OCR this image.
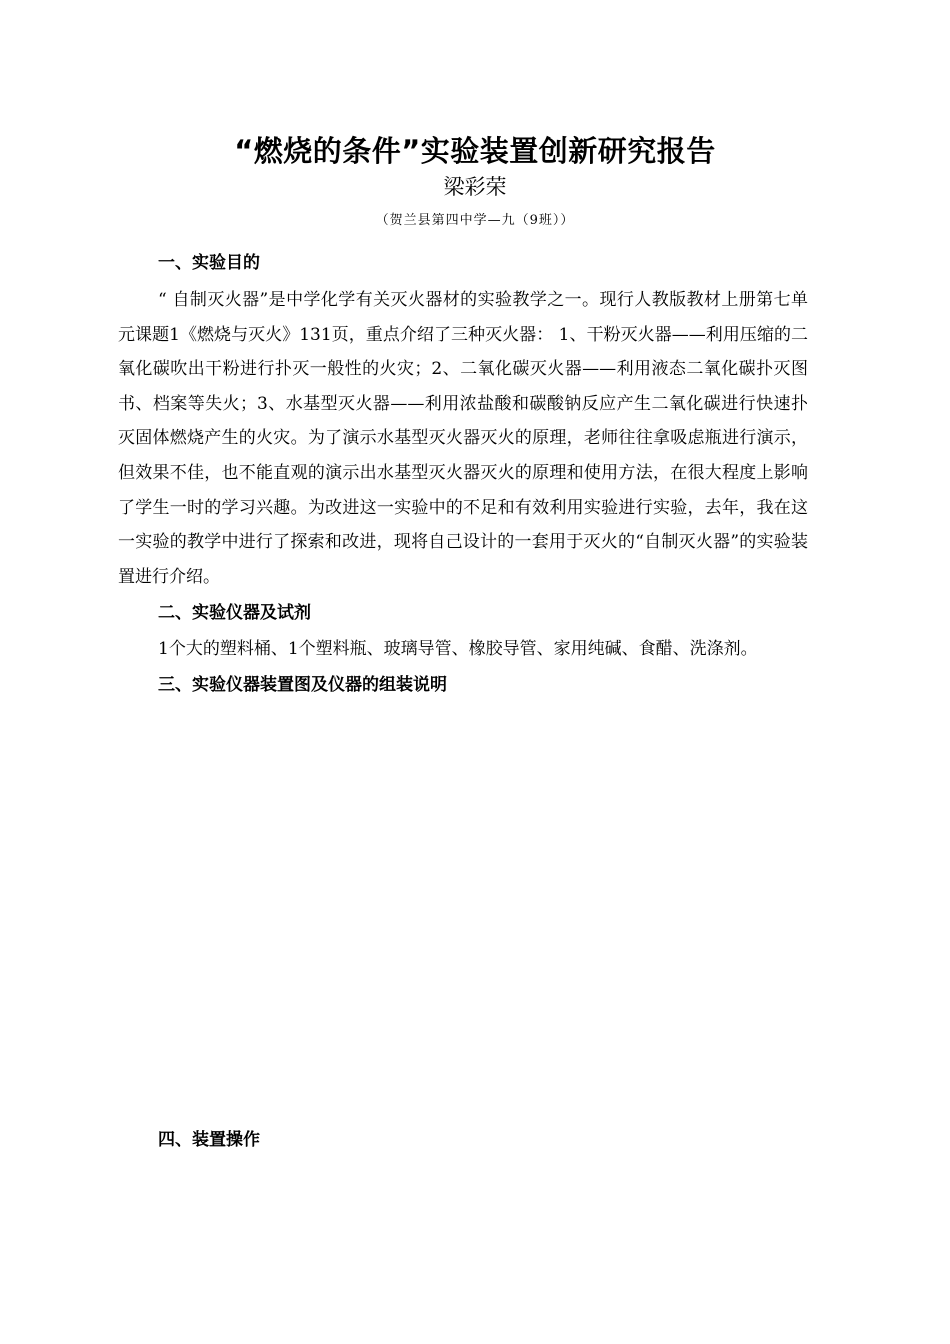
“燃烧的条件”实验装置创新研究报告
梁彩荣
（贺兰县第四中学—九（9班））
一、实验目的
“ 自制灭火器”是中学化学有关灭火器材的实验教学之一。现行人教版教材上册第七单元课题1《燃烧与灭火》131页，重点介绍了三种灭火器： 1、干粉灭火器——利用压缩的二氧化碳吹出干粉进行扑灭一般性的火灾；2、二氧化碳灭火器——利用液态二氧化碳扑灭图书、档案等失火；3、水基型灭火器——利用浓盐酸和碳酸钠反应产生二氧化碳进行快速扑灭固体燃烧产生的火灾。为了演示水基型灭火器灭火的原理，老师往往拿吸虑瓶进行演示，但效果不佳，也不能直观的演示出水基型灭火器灭火的原理和使用方法，在很大程度上影响了学生一时的学习兴趣。为改进这一实验中的不足和有效利用实验进行实验，去年，我在这一实验的教学中进行了探索和改进，现将自己设计的一套用于灭火的“自制灭火器”的实验装置进行介绍。
二、实验仪器及试剂
1个大的塑料桶、1个塑料瓶、玻璃导管、橡胶导管、家用纯碱、食醋、洗涤剂。
三、实验仪器装置图及仪器的组装说明
四、装置操作
